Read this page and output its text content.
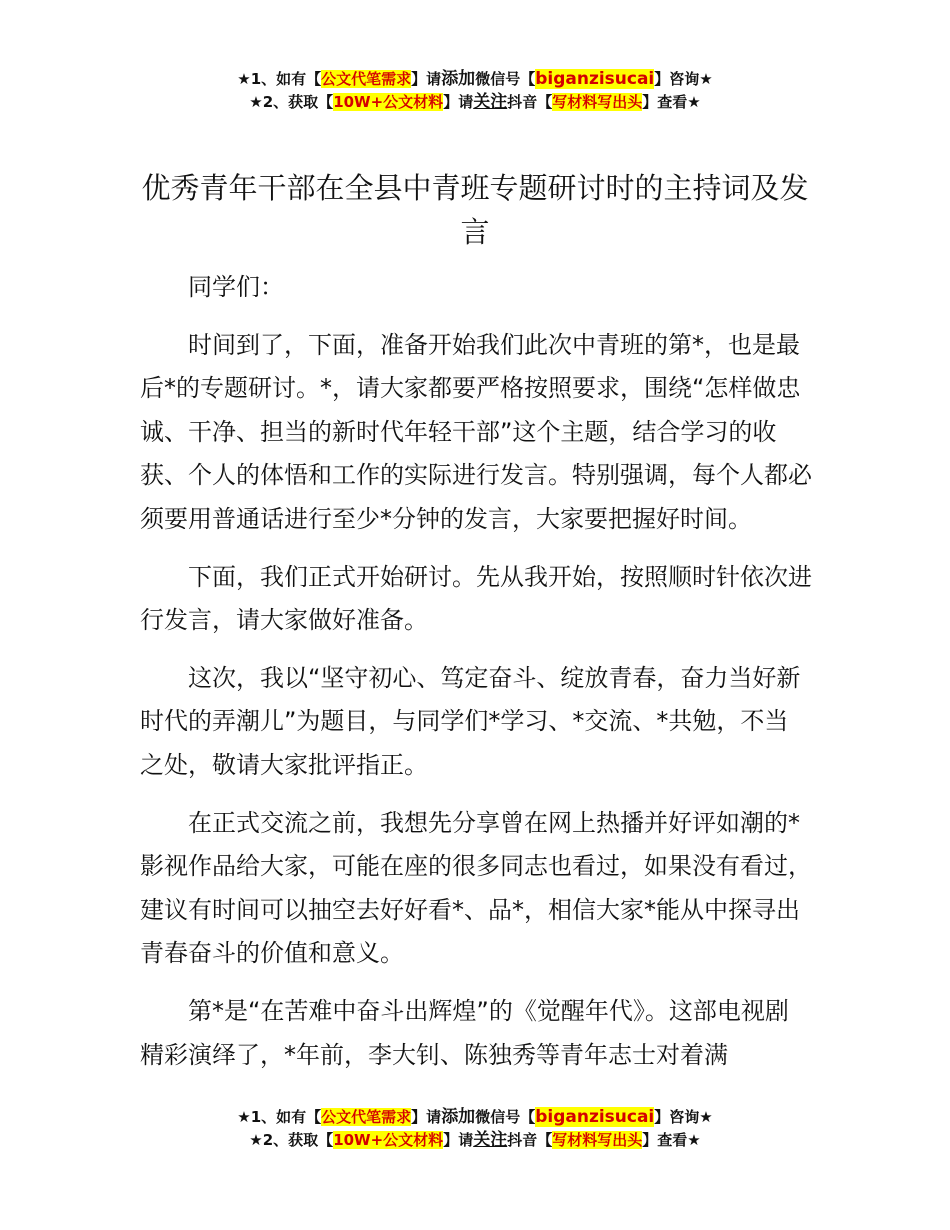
★1、如有【公文代笔需求】请添加微信号【biganzisucai】咨询★
★2、获取【10W+公文材料】请关注抖音【写材料写出头】查看★
优秀青年干部在全县中青班专题研讨时的主持词及发言

同学们：

时间到了，下面，准备开始我们此次中青班的第*，也是最后*的专题研讨。*，请大家都要严格按照要求，围绕“怎样做忠诚、干净、担当的新时代年轻干部”这个主题，结合学习的收获、个人的体悟和工作的实际进行发言。特别强调，每个人都必须要用普通话进行至少*分钟的发言，大家要把握好时间。

下面，我们正式开始研讨。先从我开始，按照顺时针依次进行发言，请大家做好准备。

这次，我以“坚守初心、笃定奋斗、绽放青春，奋力当好新时代的弄潮儿”为题目，与同学们*学习、*交流、*共勉，不当之处，敬请大家批评指正。

在正式交流之前，我想先分享曾在网上热播并好评如潮的*影视作品给大家，可能在座的很多同志也看过，如果没有看过，建议有时间可以抽空去好好看*、品*，相信大家*能从中探寻出青春奋斗的价值和意义。

第*是“在苦难中奋斗出辉煌”的《觉醒年代》。这部电视剧精彩演绎了，*年前，李大钊、陈独秀等青年志士对着满

★1、如有【公文代笔需求】请添加微信号【biganzisucai】咨询★
★2、获取【10W+公文材料】请关注抖音【写材料写出头】查看★
